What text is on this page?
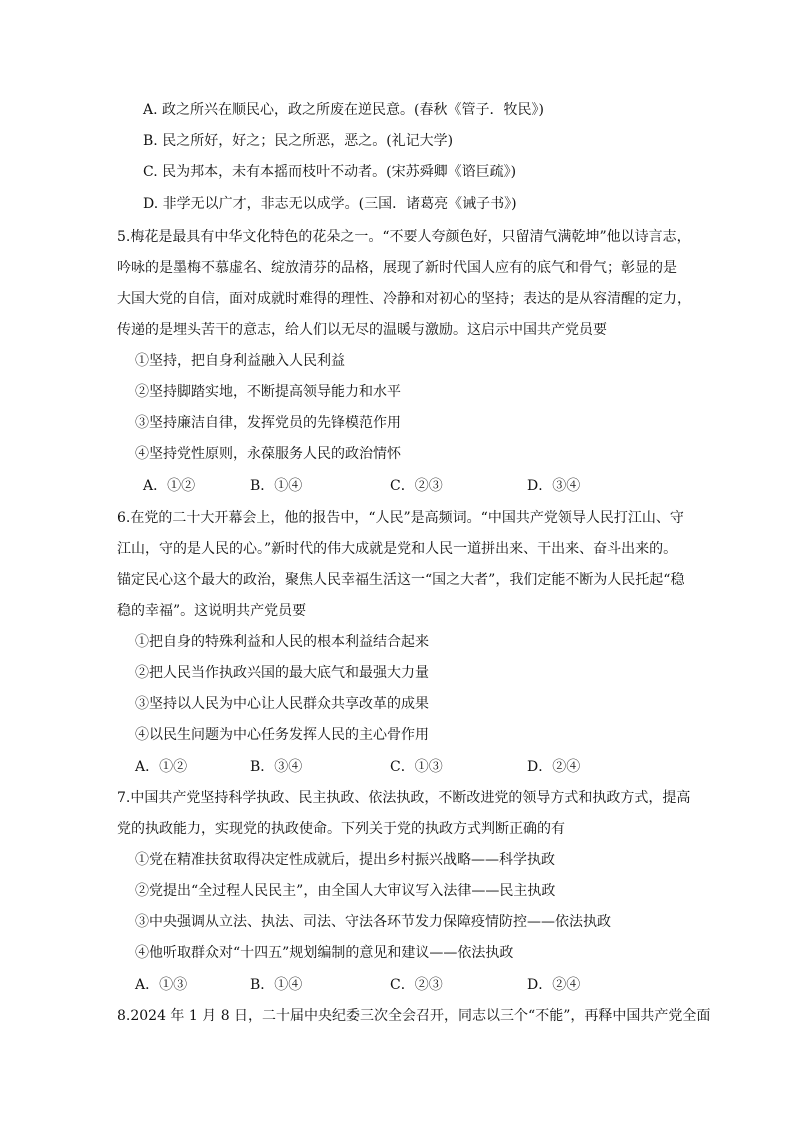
A. 政之所兴在顺民心，政之所废在逆民意。(春秋《管子．牧民》)
B. 民之所好，好之；民之所恶，恶之。(礼记大学)
C. 民为邦本，未有本摇而枝叶不动者。(宋苏舜卿《谘巨疏》)
D. 非学无以广才，非志无以成学。(三国．诸葛亮《诫子书》)
5.梅花是最具有中华文化特色的花朵之一。“不要人夸颜色好，只留清气满乾坤”他以诗言志，
吟咏的是墨梅不慕虚名、绽放清芬的品格，展现了新时代国人应有的底气和骨气；彰显的是
大国大党的自信，面对成就时难得的理性、冷静和对初心的坚持；表达的是从容清醒的定力，
传递的是埋头苦干的意志，给人们以无尽的温暖与激励。这启示中国共产党员要
①坚持，把自身利益融入人民利益
②坚持脚踏实地，不断提高领导能力和水平
③坚持廉洁自律，发挥党员的先锋模范作用
④坚持党性原则，永葆服务人民的政治情怀
A．①②	B．①④	C．②③	D．③④
6.在党的二十大开幕会上，他的报告中，“人民”是高频词。“中国共产党领导人民打江山、守
江山，守的是人民的心。”新时代的伟大成就是党和人民一道拼出来、干出来、奋斗出来的。
锚定民心这个最大的政治，聚焦人民幸福生活这一“国之大者”，我们定能不断为人民托起“稳
稳的幸福”。这说明共产党员要
①把自身的特殊利益和人民的根本利益结合起来
②把人民当作执政兴国的最大底气和最强大力量
③坚持以人民为中心让人民群众共享改革的成果
④以民生问题为中心任务发挥人民的主心骨作用
A．①②	B．③④	C．①③	D．②④
7.中国共产党坚持科学执政、民主执政、依法执政，不断改进党的领导方式和执政方式，提高
党的执政能力，实现党的执政使命。下列关于党的执政方式判断正确的有
①党在精准扶贫取得决定性成就后，提出乡村振兴战略——科学执政
②党提出“全过程人民民主”，由全国人大审议写入法律——民主执政
③中央强调从立法、执法、司法、守法各环节发力保障疫情防控——依法执政
④他听取群众对“十四五”规划编制的意见和建议——依法执政
A．①③	B．①④	C．②③	D．②④
8.2024 年 1 月 8 日，二十届中央纪委三次全会召开，同志以三个“不能”，再释中国共产党全面
